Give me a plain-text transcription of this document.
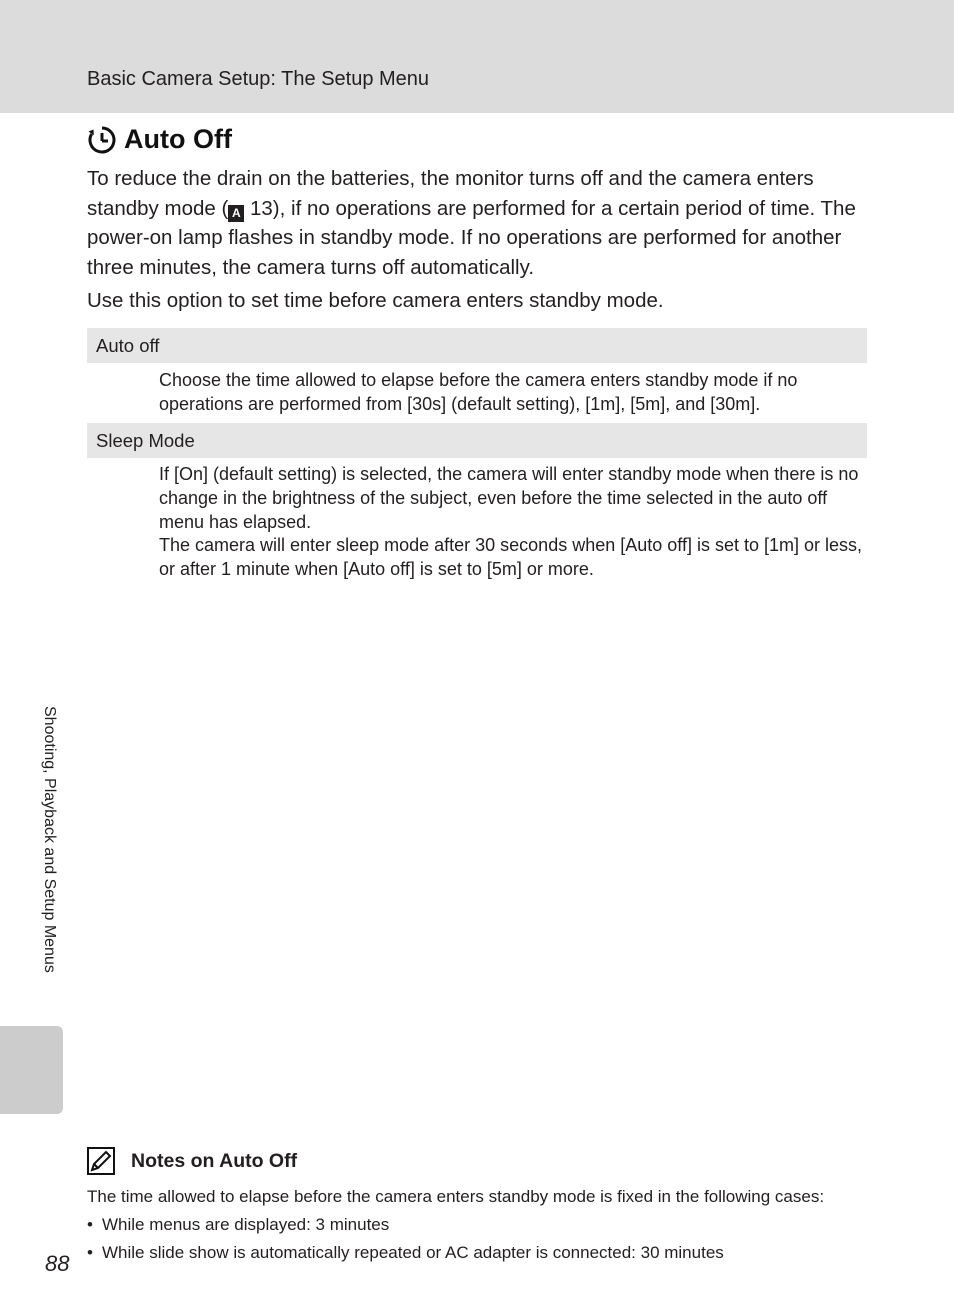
Basic Camera Setup: The Setup Menu
Auto Off

To reduce the drain on the batteries, the monitor turns off and the camera enters standby mode ( A 13), if no operations are performed for a certain period of time. The power-on lamp flashes in standby mode. If no operations are performed for another three minutes, the camera turns off automatically.

Use this option to set time before camera enters standby mode.

Auto off

Choose the time allowed to elapse before the camera enters standby mode if no operations are performed from [30s] (default setting), [1m], [5m], and [30m].

Sleep Mode

If [On] (default setting) is selected, the camera will enter standby mode when there is no change in the brightness of the subject, even before the time selected in the auto off menu has elapsed.

The camera will enter sleep mode after 30 seconds when [Auto off] is set to [1m] or less, or after 1 minute when [Auto off] is set to [5m] or more.

Shooting, Playback and Setup Menus
Notes on Auto Off

The time allowed to elapse before the camera enters standby mode is fixed in the following cases:

• While menus are displayed: 3 minutes
• While slide show is automatically repeated or AC adapter is connected: 30 minutes
88
